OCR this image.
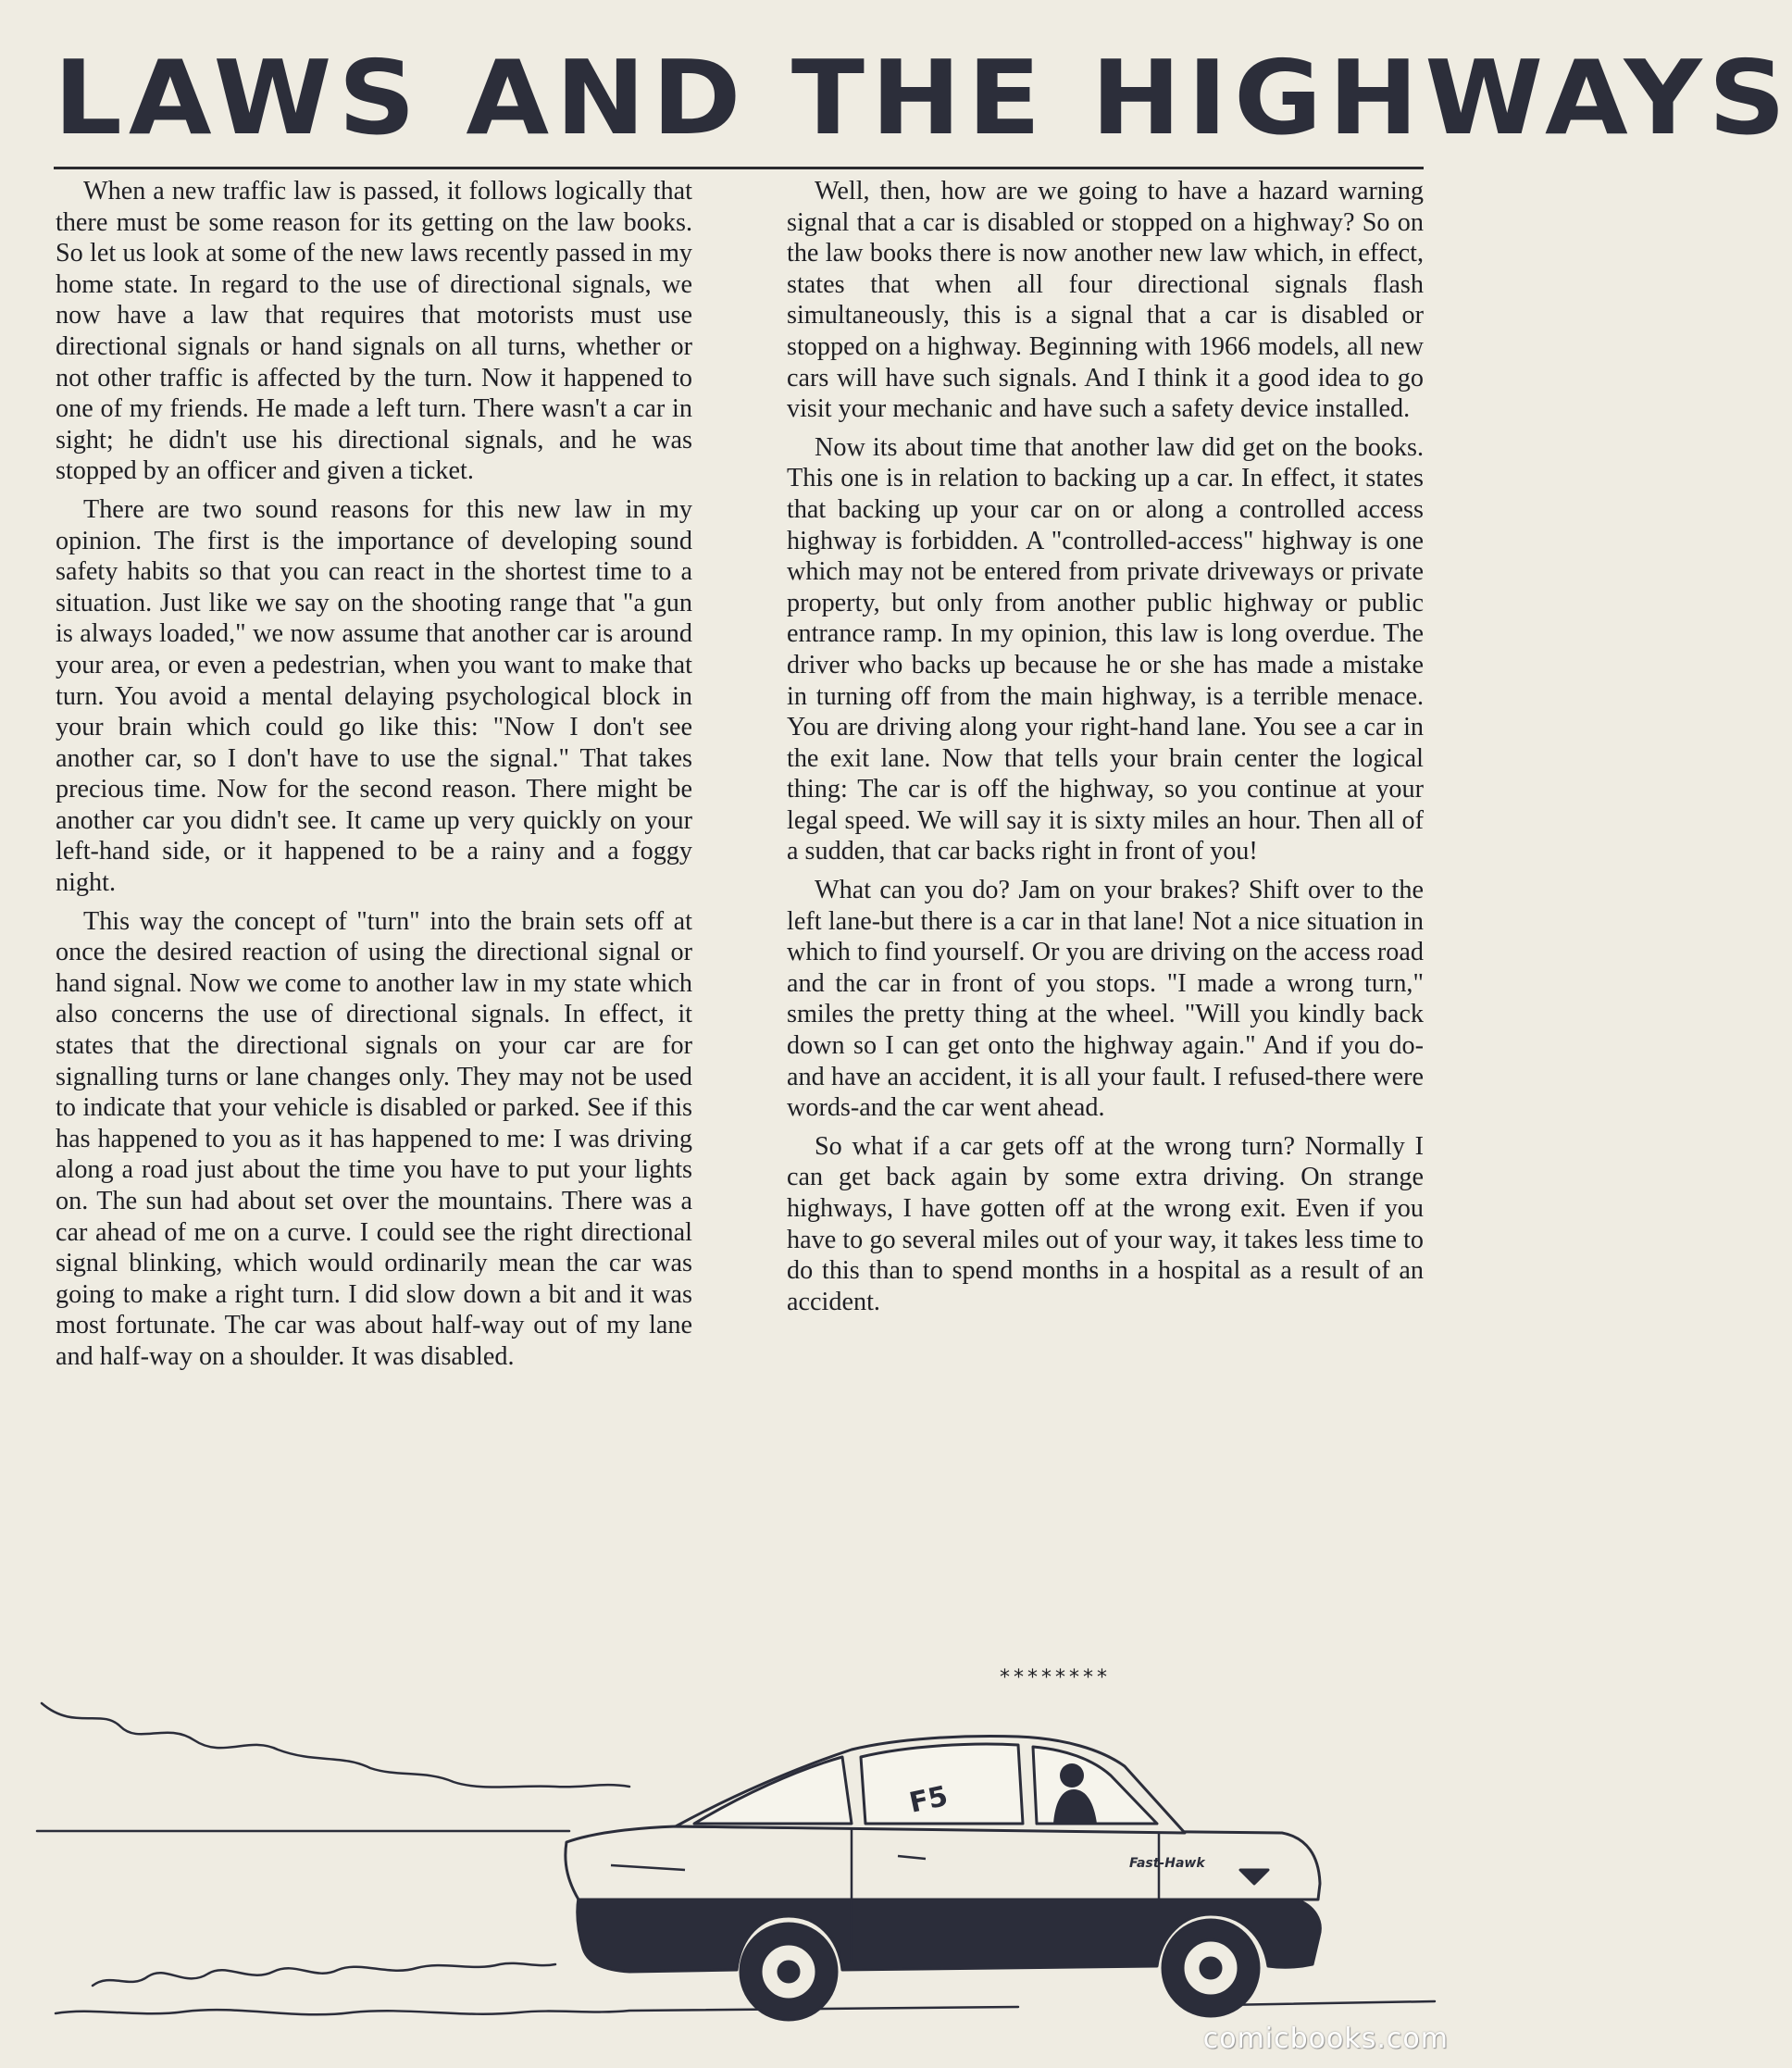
LAWS AND THE HIGHWAYS

When a new traffic law is passed, it follows logically that there must be some reason for its getting on the law books. So let us look at some of the new laws recently passed in my home state. In regard to the use of directional signals, we now have a law that requires that motorists must use directional signals or hand signals on all turns, whether or not other traffic is affected by the turn. Now it happened to one of my friends. He made a left turn. There wasn't a car in sight; he didn't use his directional signals, and he was stopped by an officer and given a ticket.

There are two sound reasons for this new law in my opinion. The first is the importance of developing sound safety habits so that you can react in the shortest time to a situation. Just like we say on the shooting range that "a gun is always loaded," we now assume that another car is around your area, or even a pedestrian, when you want to make that turn. You avoid a mental delaying psychological block in your brain which could go like this: "Now I don't see another car, so I don't have to use the signal." That takes precious time. Now for the second reason. There might be another car you didn't see. It came up very quickly on your left-hand side, or it happened to be a rainy and a foggy night.

This way the concept of "turn" into the brain sets off at once the desired reaction of using the directional signal or hand signal. Now we come to another law in my state which also concerns the use of directional signals. In effect, it states that the directional signals on your car are for signalling turns or lane changes only. They may not be used to indicate that your vehicle is disabled or parked. See if this has happened to you as it has happened to me: I was driving along a road just about the time you have to put your lights on. The sun had about set over the mountains. There was a car ahead of me on a curve. I could see the right directional signal blinking, which would ordinarily mean the car was going to make a right turn. I did slow down a bit and it was most fortunate. The car was about half-way out of my lane and half-way on a shoulder. It was disabled.

Well, then, how are we going to have a hazard warning signal that a car is disabled or stopped on a highway? So on the law books there is now another new law which, in effect, states that when all four directional signals flash simultaneously, this is a signal that a car is disabled or stopped on a highway. Beginning with 1966 models, all new cars will have such signals. And I think it a good idea to go visit your mechanic and have such a safety device installed.

Now its about time that another law did get on the books. This one is in relation to backing up a car. In effect, it states that backing up your car on or along a controlled access highway is forbidden. A "controlled-access" highway is one which may not be entered from private driveways or private property, but only from another public highway or public entrance ramp. In my opinion, this law is long overdue. The driver who backs up because he or she has made a mistake in turning off from the main highway, is a terrible menace. You are driving along your right-hand lane. You see a car in the exit lane. Now that tells your brain center the logical thing: The car is off the highway, so you continue at your legal speed. We will say it is sixty miles an hour. Then all of a sudden, that car backs right in front of you!

What can you do? Jam on your brakes? Shift over to the left lane-but there is a car in that lane! Not a nice situation in which to find yourself. Or you are driving on the access road and the car in front of you stops. "I made a wrong turn," smiles the pretty thing at the wheel. "Will you kindly back down so I can get onto the highway again." And if you do-and have an accident, it is all your fault. I refused-there were words-and the car went ahead.

So what if a car gets off at the wrong turn? Normally I can get back again by some extra driving. On strange highways, I have gotten off at the wrong exit. Even if you have to go several miles out of your way, it takes less time to do this than to spend months in a hospital as a result of an accident.

********
F5
Fast-Hawk
comicbooks.com
